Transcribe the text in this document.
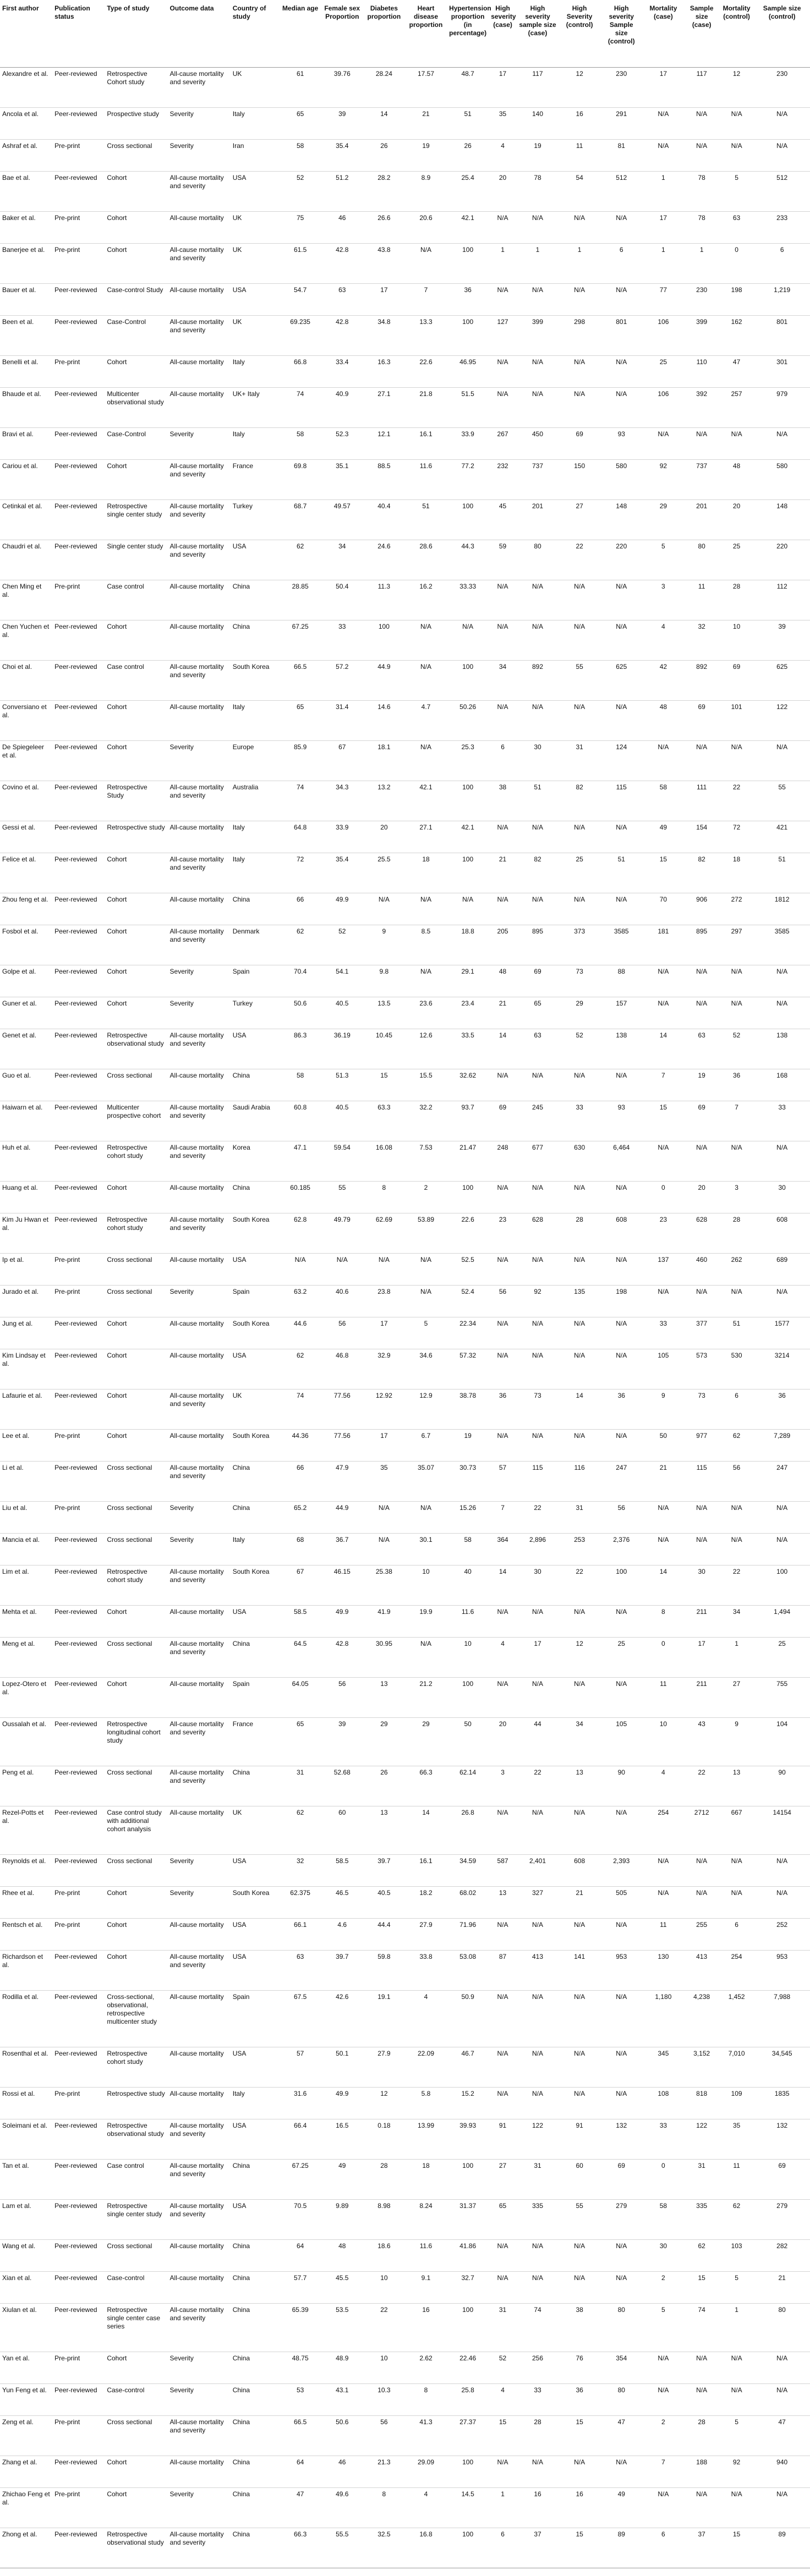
First author	Publication status	Type of study	Outcome data	Country of study	Median age	Female sex Proportion	Diabetes proportion	Heart disease proportion	Hypertension proportion (in percentage)	High severity (case)	High severity sample size (case)	High Severity (control)	High severity Sample size (control)	Mortality (case)	Sample size (case)	Mortality (control)	Sample size (control)
Alexandre et al.	Peer-reviewed	Retrospective Cohort study	All-cause mortality and severity	UK	61	39.76	28.24	17.57	48.7	17	117	12	230	17	117	12	230
Ancola et al.	Peer-reviewed	Prospective study	Severity	Italy	65	39	14	21	51	35	140	16	291	N/A	N/A	N/A	N/A
Ashraf et al.	Pre-print	Cross sectional	Severity	Iran	58	35.4	26	19	26	4	19	11	81	N/A	N/A	N/A	N/A
Bae et al.	Peer-reviewed	Cohort	All-cause mortality and severity	USA	52	51.2	28.2	8.9	25.4	20	78	54	512	1	78	5	512
Baker et al.	Pre-print	Cohort	All-cause mortality	UK	75	46	26.6	20.6	42.1	N/A	N/A	N/A	N/A	17	78	63	233
Banerjee et al.	Pre-print	Cohort	All-cause mortality and severity	UK	61.5	42.8	43.8	N/A	100	1	1	1	6	1	1	0	6
Bauer et al.	Peer-reviewed	Case-control Study	All-cause mortality	USA	54.7	63	17	7	36	N/A	N/A	N/A	N/A	77	230	198	1,219
Been et al.	Peer-reviewed	Case-Control	All-cause mortality and severity	UK	69.235	42.8	34.8	13.3	100	127	399	298	801	106	399	162	801
Benelli et al.	Pre-print	Cohort	All-cause mortality	Italy	66.8	33.4	16.3	22.6	46.95	N/A	N/A	N/A	N/A	25	110	47	301
Bhaude et al.	Peer-reviewed	Multicenter observational study	All-cause mortality	UK+ Italy	74	40.9	27.1	21.8	51.5	N/A	N/A	N/A	N/A	106	392	257	979
Bravi et al.	Peer-reviewed	Case-Control	Severity	Italy	58	52.3	12.1	16.1	33.9	267	450	69	93	N/A	N/A	N/A	N/A
Cariou et al.	Peer-reviewed	Cohort	All-cause mortality and severity	France	69.8	35.1	88.5	11.6	77.2	232	737	150	580	92	737	48	580
Cetinkal et al.	Peer-reviewed	Retrospective single center study	All-cause mortality and severity	Turkey	68.7	49.57	40.4	51	100	45	201	27	148	29	201	20	148
Chaudri et al.	Peer-reviewed	Single center study	All-cause mortality and severity	USA	62	34	24.6	28.6	44.3	59	80	22	220	5	80	25	220
Chen Ming et al.	Pre-print	Case control	All-cause mortality	China	28.85	50.4	11.3	16.2	33.33	N/A	N/A	N/A	N/A	3	11	28	112
Chen Yuchen et al.	Peer-reviewed	Cohort	All-cause mortality	China	67.25	33	100	N/A	N/A	N/A	N/A	N/A	N/A	4	32	10	39
Choi et al.	Peer-reviewed	Case control	All-cause mortality and severity	South Korea	66.5	57.2	44.9	N/A	100	34	892	55	625	42	892	69	625
Conversiano et al.	Peer-reviewed	Cohort	All-cause mortality	Italy	65	31.4	14.6	4.7	50.26	N/A	N/A	N/A	N/A	48	69	101	122
De Spiegeleer et al.	Peer-reviewed	Cohort	Severity	Europe	85.9	67	18.1	N/A	25.3	6	30	31	124	N/A	N/A	N/A	N/A
Covino et al.	Peer-reviewed	Retrospective Study	All-cause mortality and severity	Australia	74	34.3	13.2	42.1	100	38	51	82	115	58	111	22	55
Gessi et al.	Peer-reviewed	Retrospective study	All-cause mortality	Italy	64.8	33.9	20	27.1	42.1	N/A	N/A	N/A	N/A	49	154	72	421
Felice et al.	Peer-reviewed	Cohort	All-cause mortality and severity	Italy	72	35.4	25.5	18	100	21	82	25	51	15	82	18	51
Zhou feng et al.	Peer-reviewed	Cohort	All-cause mortality	China	66	49.9	N/A	N/A	N/A	N/A	N/A	N/A	N/A	70	906	272	1812
Fosbol et al.	Peer-reviewed	Cohort	All-cause mortality and severity	Denmark	62	52	9	8.5	18.8	205	895	373	3585	181	895	297	3585
Golpe et al.	Peer-reviewed	Cohort	Severity	Spain	70.4	54.1	9.8	N/A	29.1	48	69	73	88	N/A	N/A	N/A	N/A
Guner et al.	Peer-reviewed	Cohort	Severity	Turkey	50.6	40.5	13.5	23.6	23.4	21	65	29	157	N/A	N/A	N/A	N/A
Genet et al.	Peer-reviewed	Retrospective observational study	All-cause mortality and severity	USA	86.3	36.19	10.45	12.6	33.5	14	63	52	138	14	63	52	138
Guo et al.	Peer-reviewed	Cross sectional	All-cause mortality	China	58	51.3	15	15.5	32.62	N/A	N/A	N/A	N/A	7	19	36	168
Haiwarn et al.	Peer-reviewed	Multicenter prospective cohort	All-cause mortality and severity	Saudi Arabia	60.8	40.5	63.3	32.2	93.7	69	245	33	93	15	69	7	33
Huh et al.	Peer-reviewed	Retrospective cohort study	All-cause mortality and severity	Korea	47.1	59.54	16.08	7.53	21.47	248	677	630	6,464	N/A	N/A	N/A	N/A
Huang et al.	Peer-reviewed	Cohort	All-cause mortality	China	60.185	55	8	2	100	N/A	N/A	N/A	N/A	0	20	3	30
Kim Ju Hwan et al.	Peer-reviewed	Retrospective cohort study	All-cause mortality and severity	South Korea	62.8	49.79	62.69	53.89	22.6	23	628	28	608	23	628	28	608
Ip et al.	Pre-print	Cross sectional	All-cause mortality	USA	N/A	N/A	N/A	N/A	52.5	N/A	N/A	N/A	N/A	137	460	262	689
Jurado et al.	Pre-print	Cross sectional	Severity	Spain	63.2	40.6	23.8	N/A	52.4	56	92	135	198	N/A	N/A	N/A	N/A
Jung et al.	Peer-reviewed	Cohort	All-cause mortality	South Korea	44.6	56	17	5	22.34	N/A	N/A	N/A	N/A	33	377	51	1577
Kim Lindsay et al.	Peer-reviewed	Cohort	All-cause mortality	USA	62	46.8	32.9	34.6	57.32	N/A	N/A	N/A	N/A	105	573	530	3214
Lafaurie et al.	Peer-reviewed	Cohort	All-cause mortality and severity	UK	74	77.56	12.92	12.9	38.78	36	73	14	36	9	73	6	36
Lee et al.	Pre-print	Cohort	All-cause mortality	South Korea	44.36	77.56	17	6.7	19	N/A	N/A	N/A	N/A	50	977	62	7,289
Li et al.	Peer-reviewed	Cross sectional	All-cause mortality and severity	China	66	47.9	35	35.07	30.73	57	115	116	247	21	115	56	247
Liu et al.	Pre-print	Cross sectional	Severity	China	65.2	44.9	N/A	N/A	15.26	7	22	31	56	N/A	N/A	N/A	N/A
Mancia et al.	Peer-reviewed	Cross sectional	Severity	Italy	68	36.7	N/A	30.1	58	364	2,896	253	2,376	N/A	N/A	N/A	N/A
Lim et al.	Peer-reviewed	Retrospective cohort study	All-cause mortality and severity	South Korea	67	46.15	25.38	10	40	14	30	22	100	14	30	22	100
Mehta et al.	Peer-reviewed	Cohort	All-cause mortality	USA	58.5	49.9	41.9	19.9	11.6	N/A	N/A	N/A	N/A	8	211	34	1,494
Meng et al.	Peer-reviewed	Cross sectional	All-cause mortality and severity	China	64.5	42.8	30.95	N/A	10	4	17	12	25	0	17	1	25
Lopez-Otero et al.	Peer-reviewed	Cohort	All-cause mortality	Spain	64.05	56	13	21.2	100	N/A	N/A	N/A	N/A	11	211	27	755
Oussalah et al.	Peer-reviewed	Retrospective longitudinal cohort study	All-cause mortality and severity	France	65	39	29	29	50	20	44	34	105	10	43	9	104
Peng et al.	Peer-reviewed	Cross sectional	All-cause mortality and severity	China	31	52.68	26	66.3	62.14	3	22	13	90	4	22	13	90
Rezel-Potts et al.	Peer-reviewed	Case control study with additional cohort analysis	All-cause mortality	UK	62	60	13	14	26.8	N/A	N/A	N/A	N/A	254	2712	667	14154
Reynolds et al.	Peer-reviewed	Cross sectional	Severity	USA	32	58.5	39.7	16.1	34.59	587	2,401	608	2,393	N/A	N/A	N/A	N/A
Rhee et al.	Pre-print	Cohort	Severity	South Korea	62.375	46.5	40.5	18.2	68.02	13	327	21	505	N/A	N/A	N/A	N/A
Rentsch et al.	Pre-print	Cohort	All-cause mortality	USA	66.1	4.6	44.4	27.9	71.96	N/A	N/A	N/A	N/A	11	255	6	252
Richardson et al.	Peer-reviewed	Cohort	All-cause mortality and severity	USA	63	39.7	59.8	33.8	53.08	87	413	141	953	130	413	254	953
Rodilla et al.	Peer-reviewed	Cross-sectional, observational, retrospective multicenter study	All-cause mortality	Spain	67.5	42.6	19.1	4	50.9	N/A	N/A	N/A	N/A	1,180	4,238	1,452	7,988
Rosenthal et al.	Peer-reviewed	Retrospective cohort study	All-cause mortality	USA	57	50.1	27.9	22.09	46.7	N/A	N/A	N/A	N/A	345	3,152	7,010	34,545
Rossi et al.	Pre-print	Retrospective study	All-cause mortality	Italy	31.6	49.9	12	5.8	15.2	N/A	N/A	N/A	N/A	108	818	109	1835
Soleimani et al.	Peer-reviewed	Retrospective observational study	All-cause mortality and severity	USA	66.4	16.5	0.18	13.99	39.93	91	122	91	132	33	122	35	132
Tan et al.	Peer-reviewed	Case control	All-cause mortality and severity	China	67.25	49	28	18	100	27	31	60	69	0	31	11	69
Lam et al.	Peer-reviewed	Retrospective single center study	All-cause mortality and severity	USA	70.5	9.89	8.98	8.24	31.37	65	335	55	279	58	335	62	279
Wang et al.	Peer-reviewed	Cross sectional	All-cause mortality	China	64	48	18.6	11.6	41.86	N/A	N/A	N/A	N/A	30	62	103	282
Xian et al.	Peer-reviewed	Case-control	All-cause mortality	China	57.7	45.5	10	9.1	32.7	N/A	N/A	N/A	N/A	2	15	5	21
Xiulan et al.	Peer-reviewed	Retrospective single center case series	All-cause mortality and severity	China	65.39	53.5	22	16	100	31	74	38	80	5	74	1	80
Yan et al.	Pre-print	Cohort	Severity	China	48.75	48.9	10	2.62	22.46	52	256	76	354	N/A	N/A	N/A	N/A
Yun Feng et al.	Peer-reviewed	Case-control	Severity	China	53	43.1	10.3	8	25.8	4	33	36	80	N/A	N/A	N/A	N/A
Zeng et al.	Pre-print	Cross sectional	All-cause mortality and severity	China	66.5	50.6	56	41.3	27.37	15	28	15	47	2	28	5	47
Zhang et al.	Peer-reviewed	Cohort	All-cause mortality	China	64	46	21.3	29.09	100	N/A	N/A	N/A	N/A	7	188	92	940
Zhichao Feng et al.	Pre-print	Cohort	Severity	China	47	49.6	8	4	14.5	1	16	16	49	N/A	N/A	N/A	N/A
Zhong et al.	Peer-reviewed	Retrospective observational study	All-cause mortality and severity	China	66.3	55.5	32.5	16.8	100	6	37	15	89	6	37	15	89
